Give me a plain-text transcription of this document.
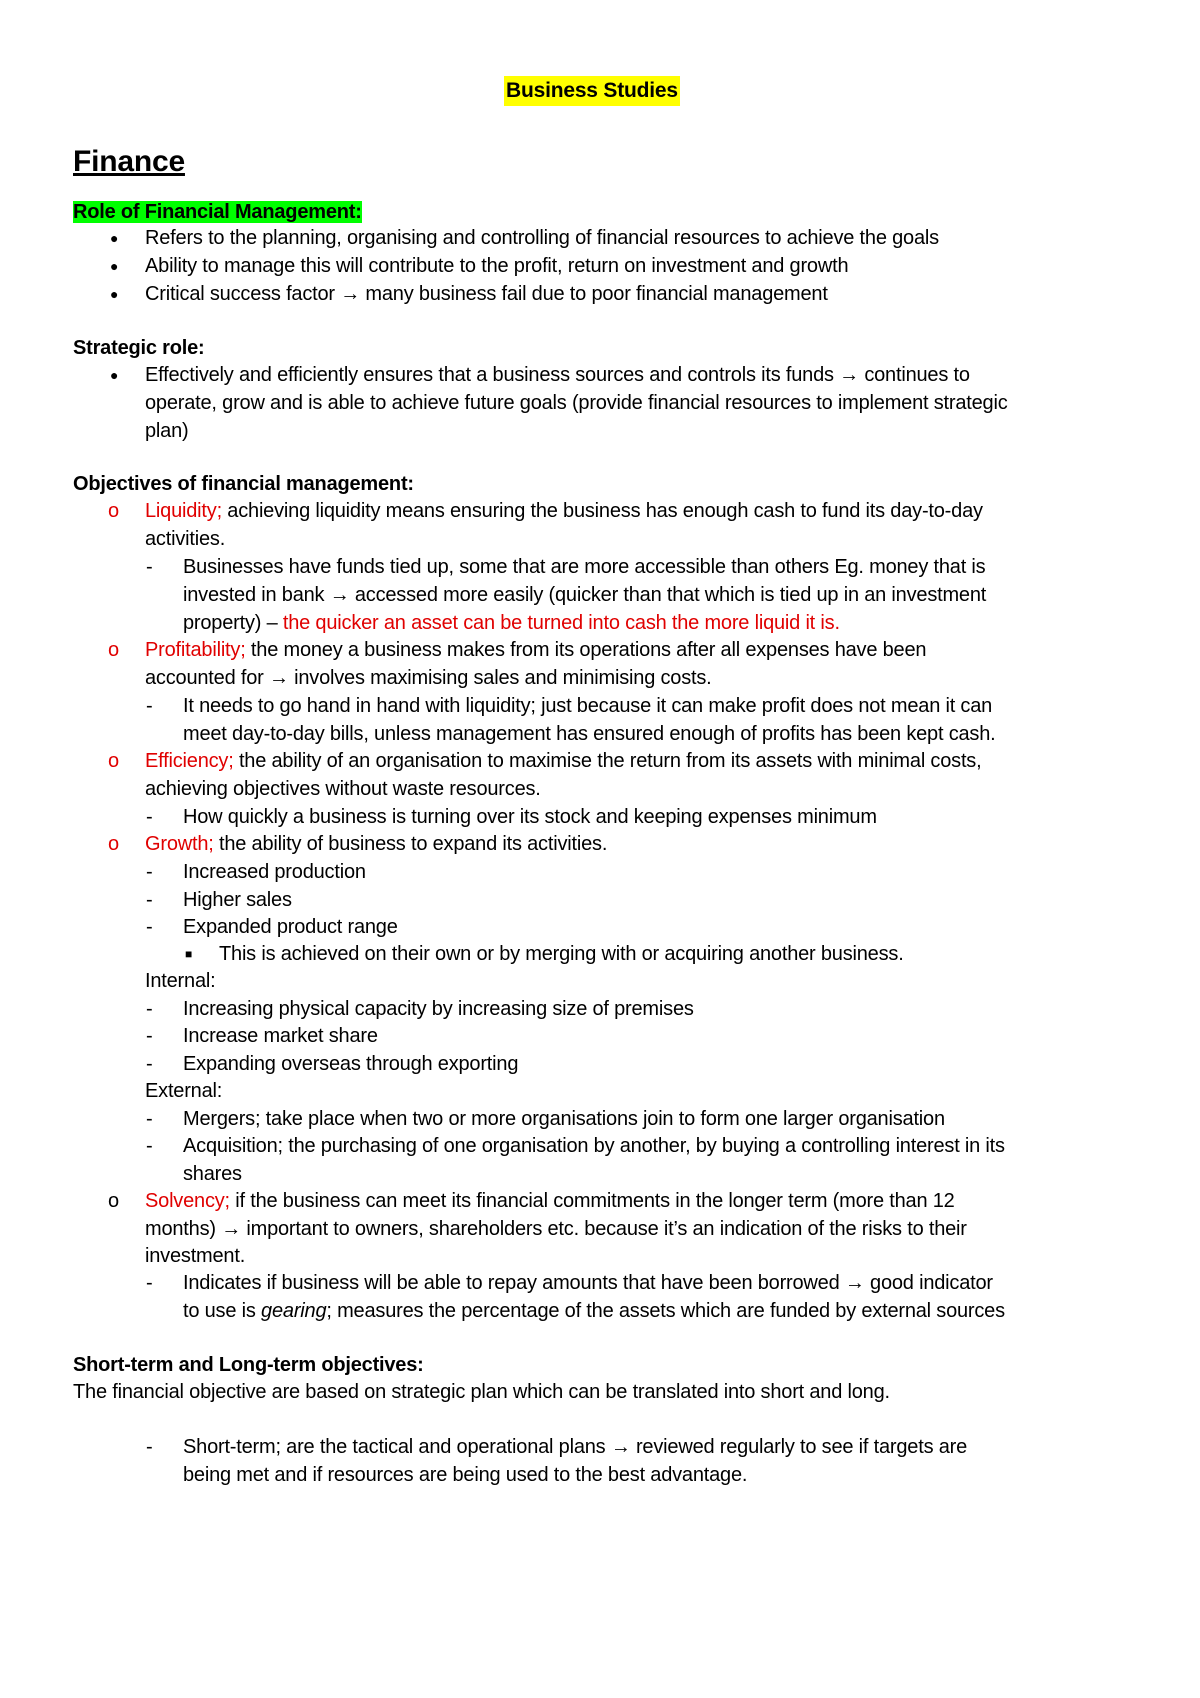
Business Studies
Finance
Role of Financial Management:
● Refers to the planning, organising and controlling of financial resources to achieve the goals
● Ability to manage this will contribute to the profit, return on investment and growth
● Critical success factor → many business fail due to poor financial management
Strategic role:
● Effectively and efficiently ensures that a business sources and controls its funds → continues to
operate, grow and is able to achieve future goals (provide financial resources to implement strategic
plan)
Objectives of financial management:
o Liquidity; achieving liquidity means ensuring the business has enough cash to fund its day-to-day
activities.
- Businesses have funds tied up, some that are more accessible than others Eg. money that is
invested in bank → accessed more easily (quicker than that which is tied up in an investment
property) – the quicker an asset can be turned into cash the more liquid it is.
o Profitability; the money a business makes from its operations after all expenses have been
accounted for → involves maximising sales and minimising costs.
- It needs to go hand in hand with liquidity; just because it can make profit does not mean it can
meet day-to-day bills, unless management has ensured enough of profits has been kept cash.
o Efficiency; the ability of an organisation to maximise the return from its assets with minimal costs,
achieving objectives without waste resources.
- How quickly a business is turning over its stock and keeping expenses minimum
o Growth; the ability of business to expand its activities.
- Increased production
- Higher sales
- Expanded product range
■ This is achieved on their own or by merging with or acquiring another business.
Internal:
- Increasing physical capacity by increasing size of premises
- Increase market share
- Expanding overseas through exporting
External:
- Mergers; take place when two or more organisations join to form one larger organisation
- Acquisition; the purchasing of one organisation by another, by buying a controlling interest in its
shares
o Solvency; if the business can meet its financial commitments in the longer term (more than 12
months) → important to owners, shareholders etc. because it’s an indication of the risks to their
investment.
- Indicates if business will be able to repay amounts that have been borrowed → good indicator
to use is gearing; measures the percentage of the assets which are funded by external sources
Short-term and Long-term objectives:
The financial objective are based on strategic plan which can be translated into short and long.
- Short-term; are the tactical and operational plans → reviewed regularly to see if targets are
being met and if resources are being used to the best advantage.
